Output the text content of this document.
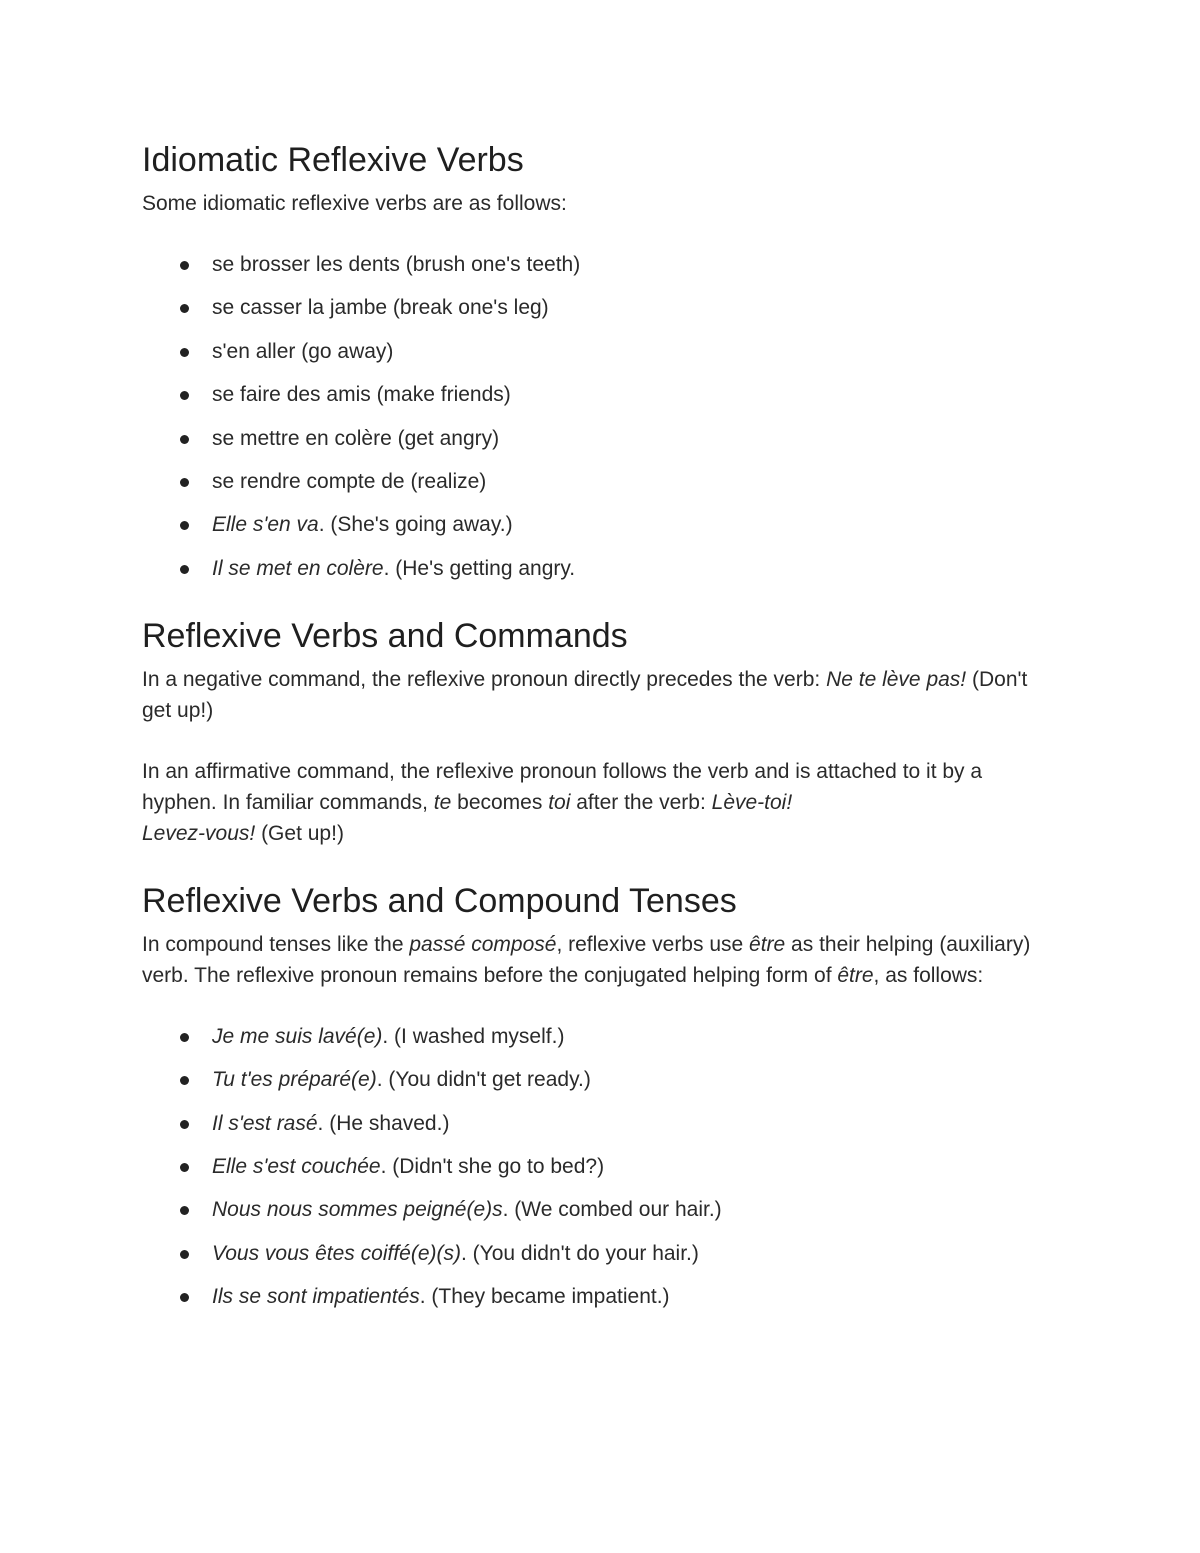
Idiomatic Reflexive Verbs

Some idiomatic reflexive verbs are as follows:

se brosser les dents (brush one's teeth)
se casser la jambe (break one's leg)
s'en aller (go away)
se faire des amis (make friends)
se mettre en colère (get angry)
se rendre compte de (realize)
Elle s'en va. (She's going away.)
Il se met en colère. (He's getting angry.
Reflexive Verbs and Commands

In a negative command, the reflexive pronoun directly precedes the verb: Ne te lève pas! (Don't get up!)

In an affirmative command, the reflexive pronoun follows the verb and is attached to it by a hyphen. In familiar commands, te becomes toi after the verb: Lève-toi!
Levez-vous! (Get up!)

Reflexive Verbs and Compound Tenses

In compound tenses like the passé composé, reflexive verbs use être as their helping (auxiliary) verb. The reflexive pronoun remains before the conjugated helping form of être, as follows:

Je me suis lavé(e). (I washed myself.)
Tu t'es préparé(e). (You didn't get ready.)
Il s'est rasé. (He shaved.)
Elle s'est couchée. (Didn't she go to bed?)
Nous nous sommes peigné(e)s. (We combed our hair.)
Vous vous êtes coiffé(e)(s). (You didn't do your hair.)
Ils se sont impatientés. (They became impatient.)
